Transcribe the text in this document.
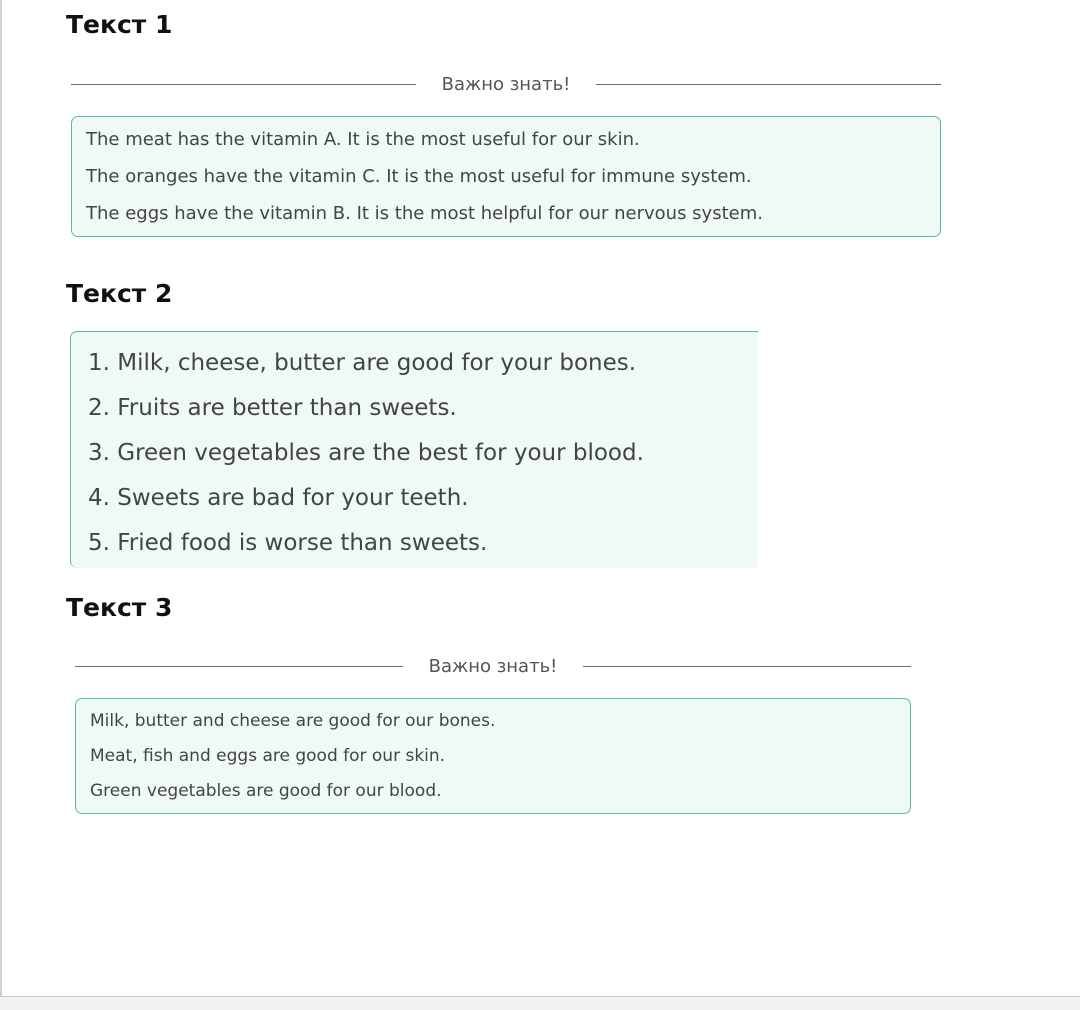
Текст 1
Важно знать!
The meat has the vitamin A. It is the most useful for our skin.
The oranges have the vitamin C. It is the most useful for immune system.
The eggs have the vitamin B. It is the most helpful for our nervous system.
Текст 2
1. Milk, cheese, butter are good for your bones.
2. Fruits are better than sweets.
3. Green vegetables are the best for your blood.
4. Sweets are bad for your teeth.
5. Fried food is worse than sweets.
Текст 3
Важно знать!
Milk, butter and cheese are good for our bones.
Meat, fish and eggs are good for our skin.
Green vegetables are good for our blood.
